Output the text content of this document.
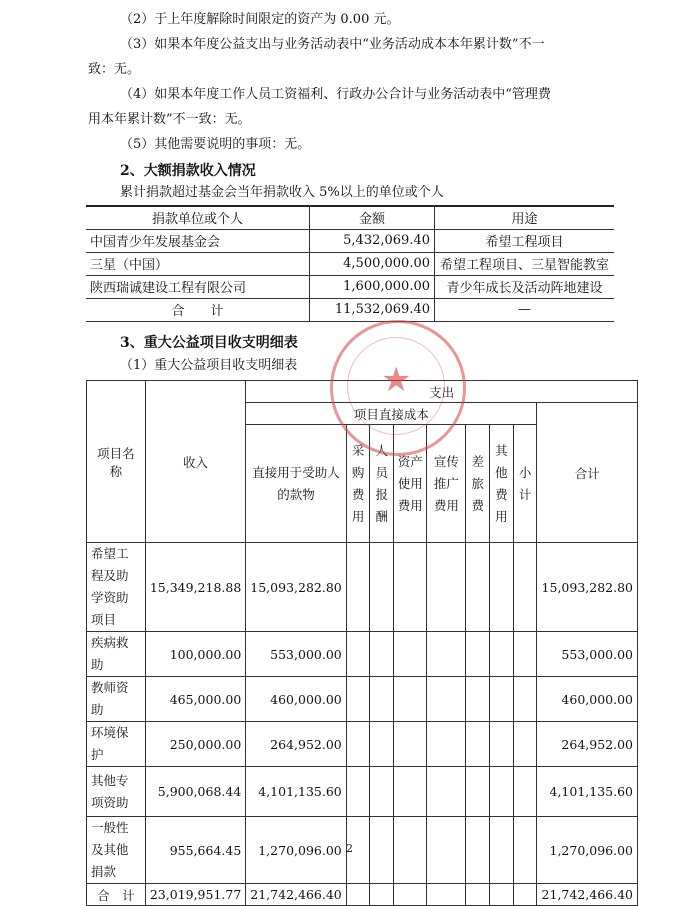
（2）于上年度解除时间限定的资产为 0.00 元。
（3）如果本年度公益支出与业务活动表中“业务活动成本本年累计数”不一
致：无。
（4）如果本年度工作人员工资福利、行政办公合计与业务活动表中“管理费
用本年累计数”不一致：无。
（5）其他需要说明的事项：无。
2、大额捐款收入情况
累计捐款超过基金会当年捐款收入 5%以上的单位或个人
捐款单位或个人	金额	用途
中国青少年发展基金会	5,432,069.40	希望工程项目
三星（中国）	4,500,000.00	希望工程项目、三星智能教室
陕西瑞诚建设工程有限公司	1,600,000.00	青少年成长及活动阵地建设
合　　计	11,532,069.40	—
3、重大公益项目收支明细表
（1）重大公益项目收支明细表
项目名称	收入	支出								
		项目直接成本								合计
		直接用于受助人的款物	采购费用	人员报酬	资产使用费用	宣传推广费用	差旅费	其他费用	小计	
希望工程及助学资助项目	15,349,218.88	15,093,282.80								15,093,282.80
疾病救助	100,000.00	553,000.00								553,000.00
教师资助	465,000.00	460,000.00								460,000.00
环境保护	250,000.00	264,952.00								264,952.00
其他专项资助	5,900,068.44	4,101,135.60								4,101,135.60
一般性及其他捐款	955,664.45	1,270,096.00								1,270,096.00
合　计	23,019,951.77	21,742,466.40								21,742,466.40
★
2
